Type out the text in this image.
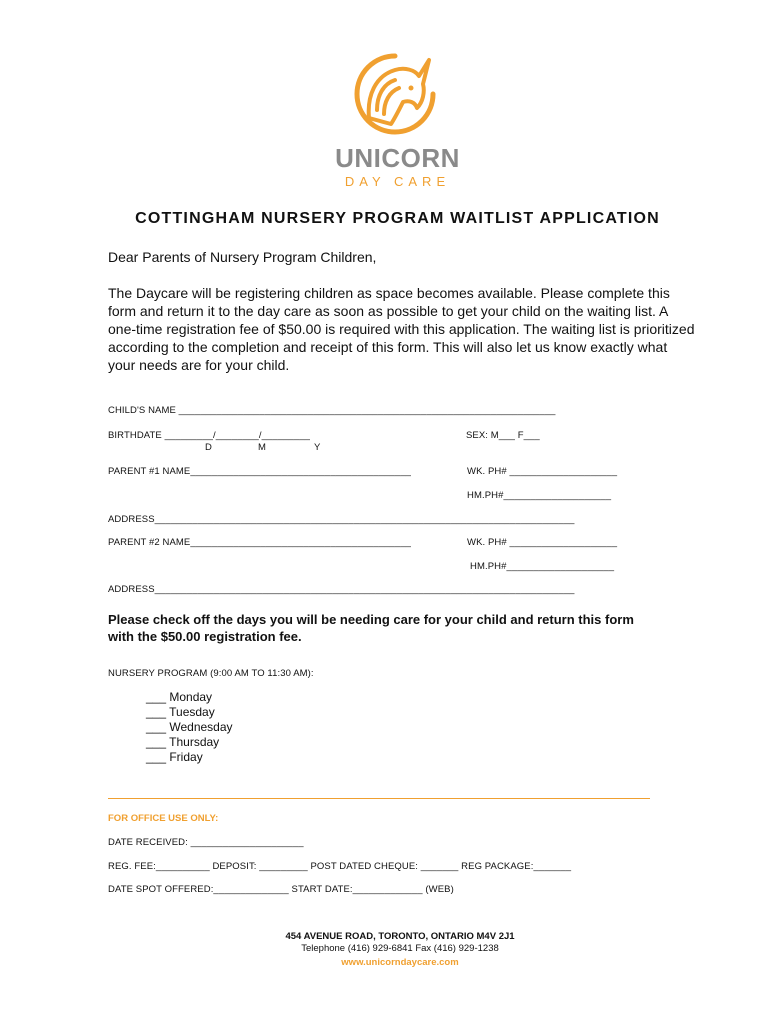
UNICORN
DAY CARE
COTTINGHAM NURSERY PROGRAM WAITLIST APPLICATION
Dear Parents of Nursery Program Children,
The Daycare will be registering children as space becomes available. Please complete this form and return it to the day care as soon as possible to get your child on the waiting list. A one-time registration fee of $50.00 is required with this application. The waiting list is prioritized according to the completion and receipt of this form. This will also let us know exactly what your needs are for your child.
CHILD'S NAME ______________________________________________________________________
BIRTHDATE _________/________/_________
D	M	Y
SEX: M___ F___
PARENT #1 NAME_________________________________________	WK. PH# ____________________
HM.PH#____________________
ADDRESS______________________________________________________________________________
PARENT #2 NAME_________________________________________	WK. PH# ____________________
HM.PH#____________________
ADDRESS______________________________________________________________________________
Please check off the days you will be needing care for your child and return this form with the $50.00 registration fee.
NURSERY PROGRAM (9:00 AM TO 11:30 AM):
___ Monday
___ Tuesday
___ Wednesday
___ Thursday
___ Friday
FOR OFFICE USE ONLY:
DATE RECEIVED: _____________________
REG. FEE:__________ DEPOSIT: _________ POST DATED CHEQUE: _______ REG PACKAGE:_______
DATE SPOT OFFERED:______________ START DATE:_____________ (WEB)
454 AVENUE ROAD, TORONTO, ONTARIO M4V 2J1
Telephone (416) 929-6841 Fax (416) 929-1238
www.unicorndaycare.com
